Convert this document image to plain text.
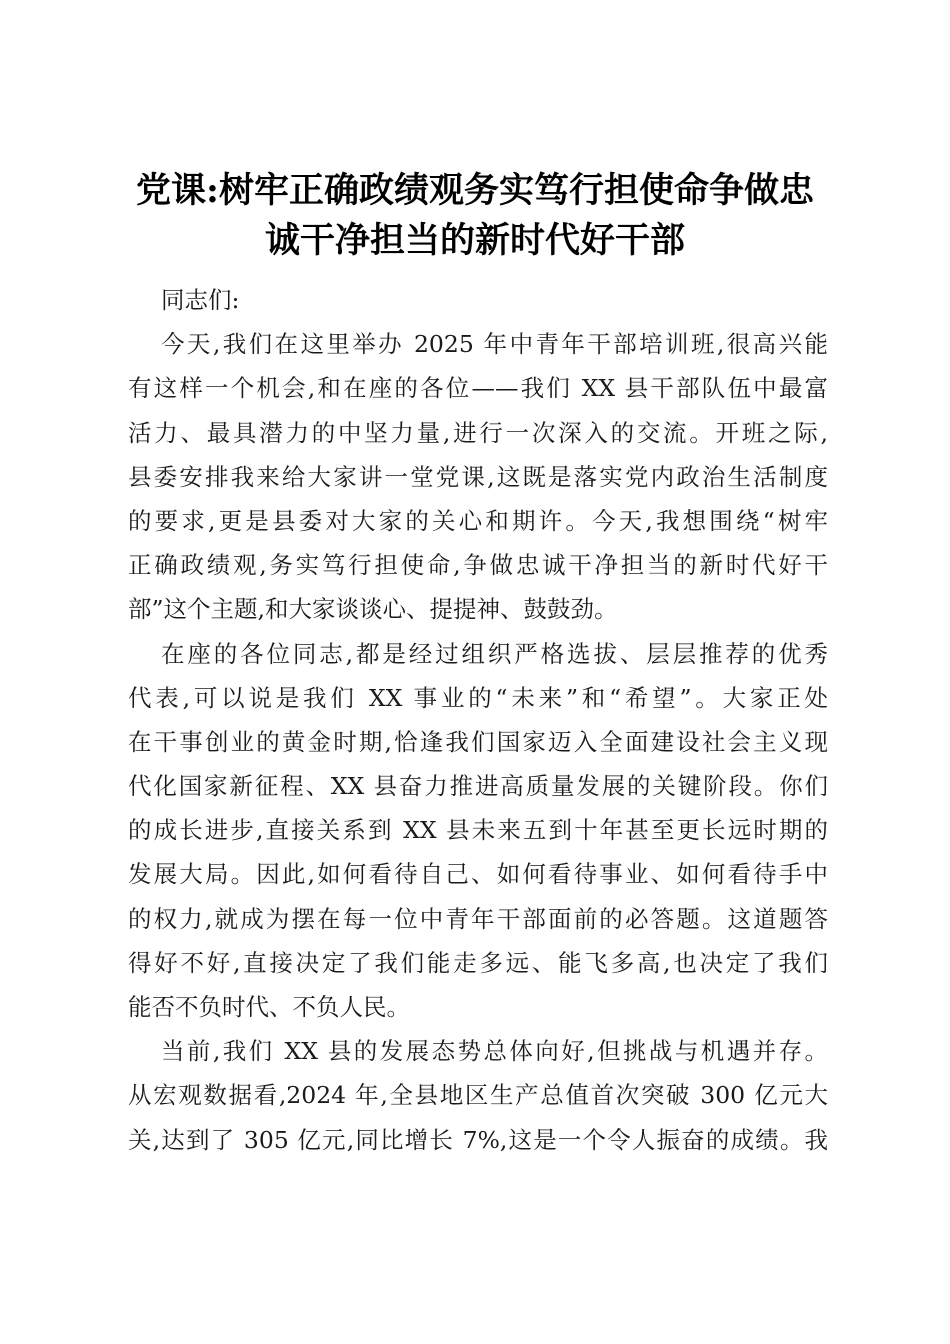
党课:树牢正确政绩观务实笃行担使命争做忠
诚干净担当的新时代好干部
同志们:
今天,我们在这里举办 2025 年中青年干部培训班,很高兴能
有这样一个机会,和在座的各位——我们 XX 县干部队伍中最富
活力、最具潜力的中坚力量,进行一次深入的交流。开班之际,
县委安排我来给大家讲一堂党课,这既是落实党内政治生活制度
的要求,更是县委对大家的关心和期许。今天,我想围绕“树牢
正确政绩观,务实笃行担使命,争做忠诚干净担当的新时代好干
部”这个主题,和大家谈谈心、提提神、鼓鼓劲。
在座的各位同志,都是经过组织严格选拔、层层推荐的优秀
代表,可以说是我们 XX 事业的“未来”和“希望”。大家正处
在干事创业的黄金时期,恰逢我们国家迈入全面建设社会主义现
代化国家新征程、XX 县奋力推进高质量发展的关键阶段。你们
的成长进步,直接关系到 XX 县未来五到十年甚至更长远时期的
发展大局。因此,如何看待自己、如何看待事业、如何看待手中
的权力,就成为摆在每一位中青年干部面前的必答题。这道题答
得好不好,直接决定了我们能走多远、能飞多高,也决定了我们
能否不负时代、不负人民。
当前,我们 XX 县的发展态势总体向好,但挑战与机遇并存。
从宏观数据看,2024 年,全县地区生产总值首次突破 300 亿元大
关,达到了 305 亿元,同比增长 7%,这是一个令人振奋的成绩。我
